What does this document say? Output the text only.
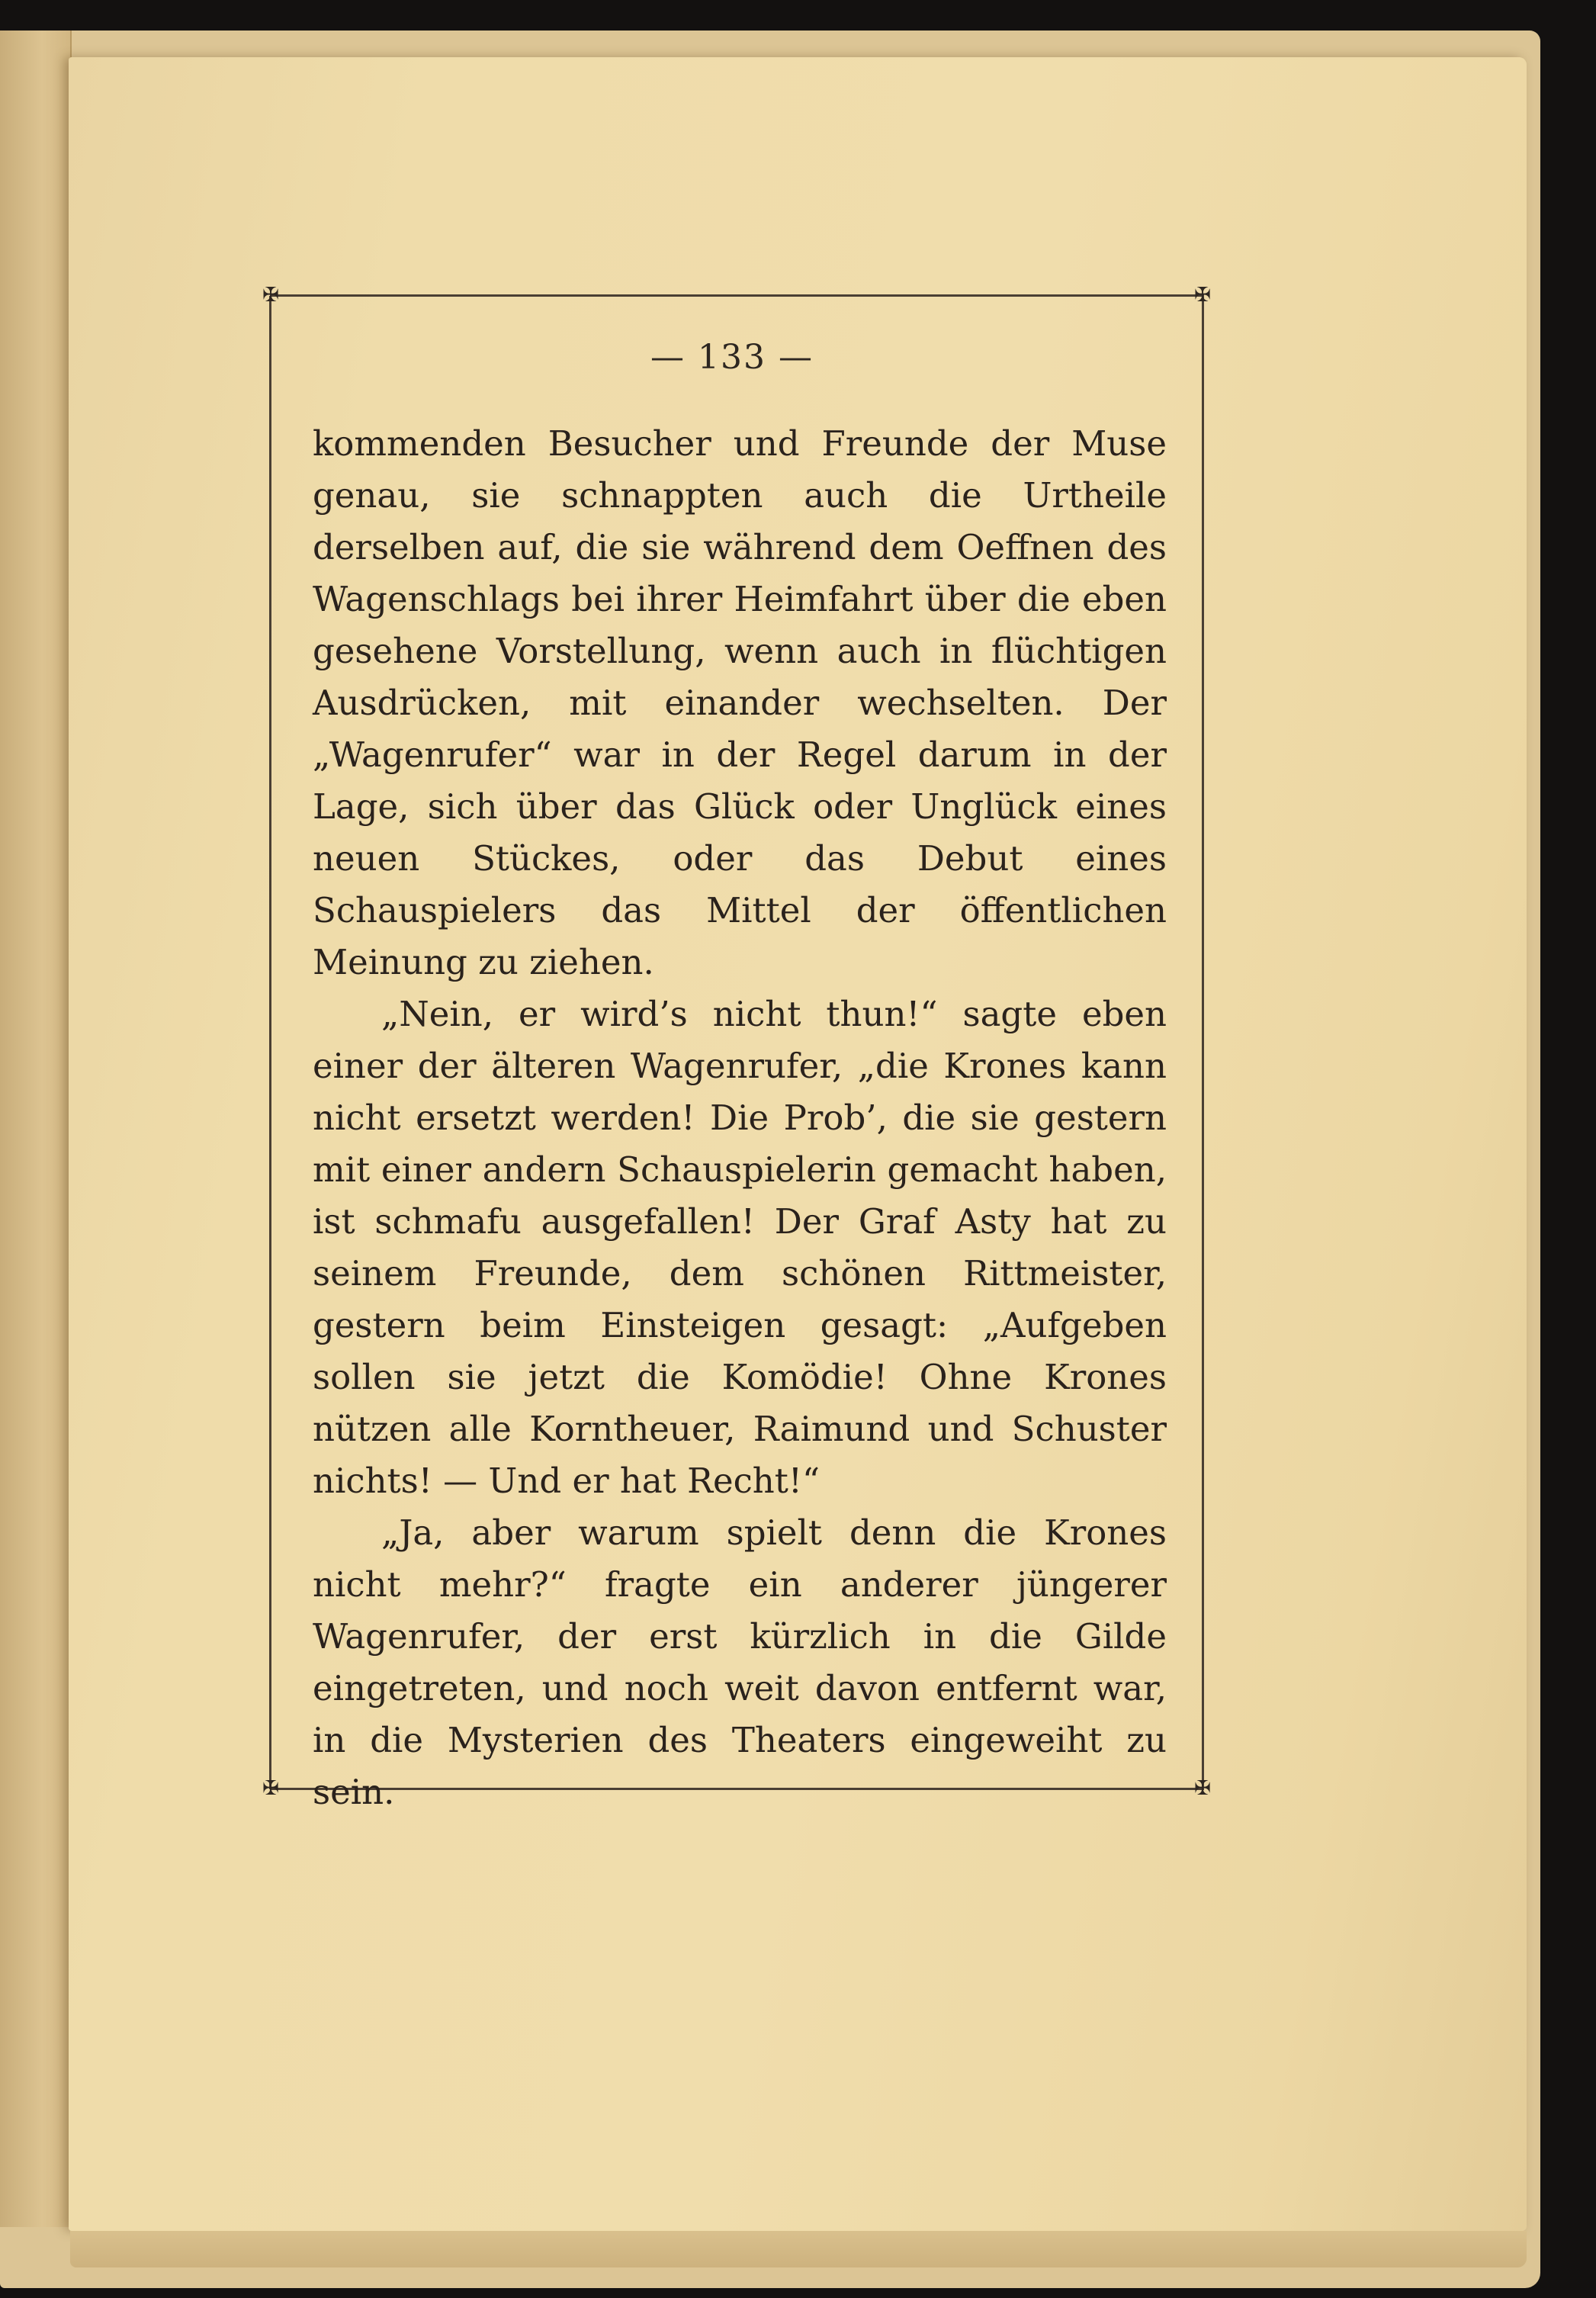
✠	✠
✠	✠
— 133 —

kommenden Besucher und Freunde der Muse genau, sie schnappten auch die Urtheile derselben auf, die sie während dem Oeffnen des Wagenschlags bei ihrer Heimfahrt über die eben gesehene Vorstellung, wenn auch in flüchtigen Ausdrücken, mit einander wechselten. Der „Wagenrufer“ war in der Regel darum in der Lage, sich über das Glück oder Unglück eines neuen Stückes, oder das Debut eines Schauspielers das Mittel der öffentlichen Meinung zu ziehen.

„Nein, er wird’s nicht thun!“ sagte eben einer der älteren Wagenrufer, „die Krones kann nicht ersetzt werden! Die Prob’, die sie gestern mit einer andern Schauspielerin gemacht haben, ist schmafu ausgefallen! Der Graf Asty hat zu seinem Freunde, dem schönen Rittmeister, gestern beim Einsteigen gesagt: „Aufgeben sollen sie jetzt die Komödie! Ohne Krones nützen alle Korntheuer, Raimund und Schuster nichts! — Und er hat Recht!“

„Ja, aber warum spielt denn die Krones nicht mehr?“ fragte ein anderer jüngerer Wagenrufer, der erst kürzlich in die Gilde eingetreten, und noch weit davon entfernt war, in die Mysterien des Theaters eingeweiht zu sein.
